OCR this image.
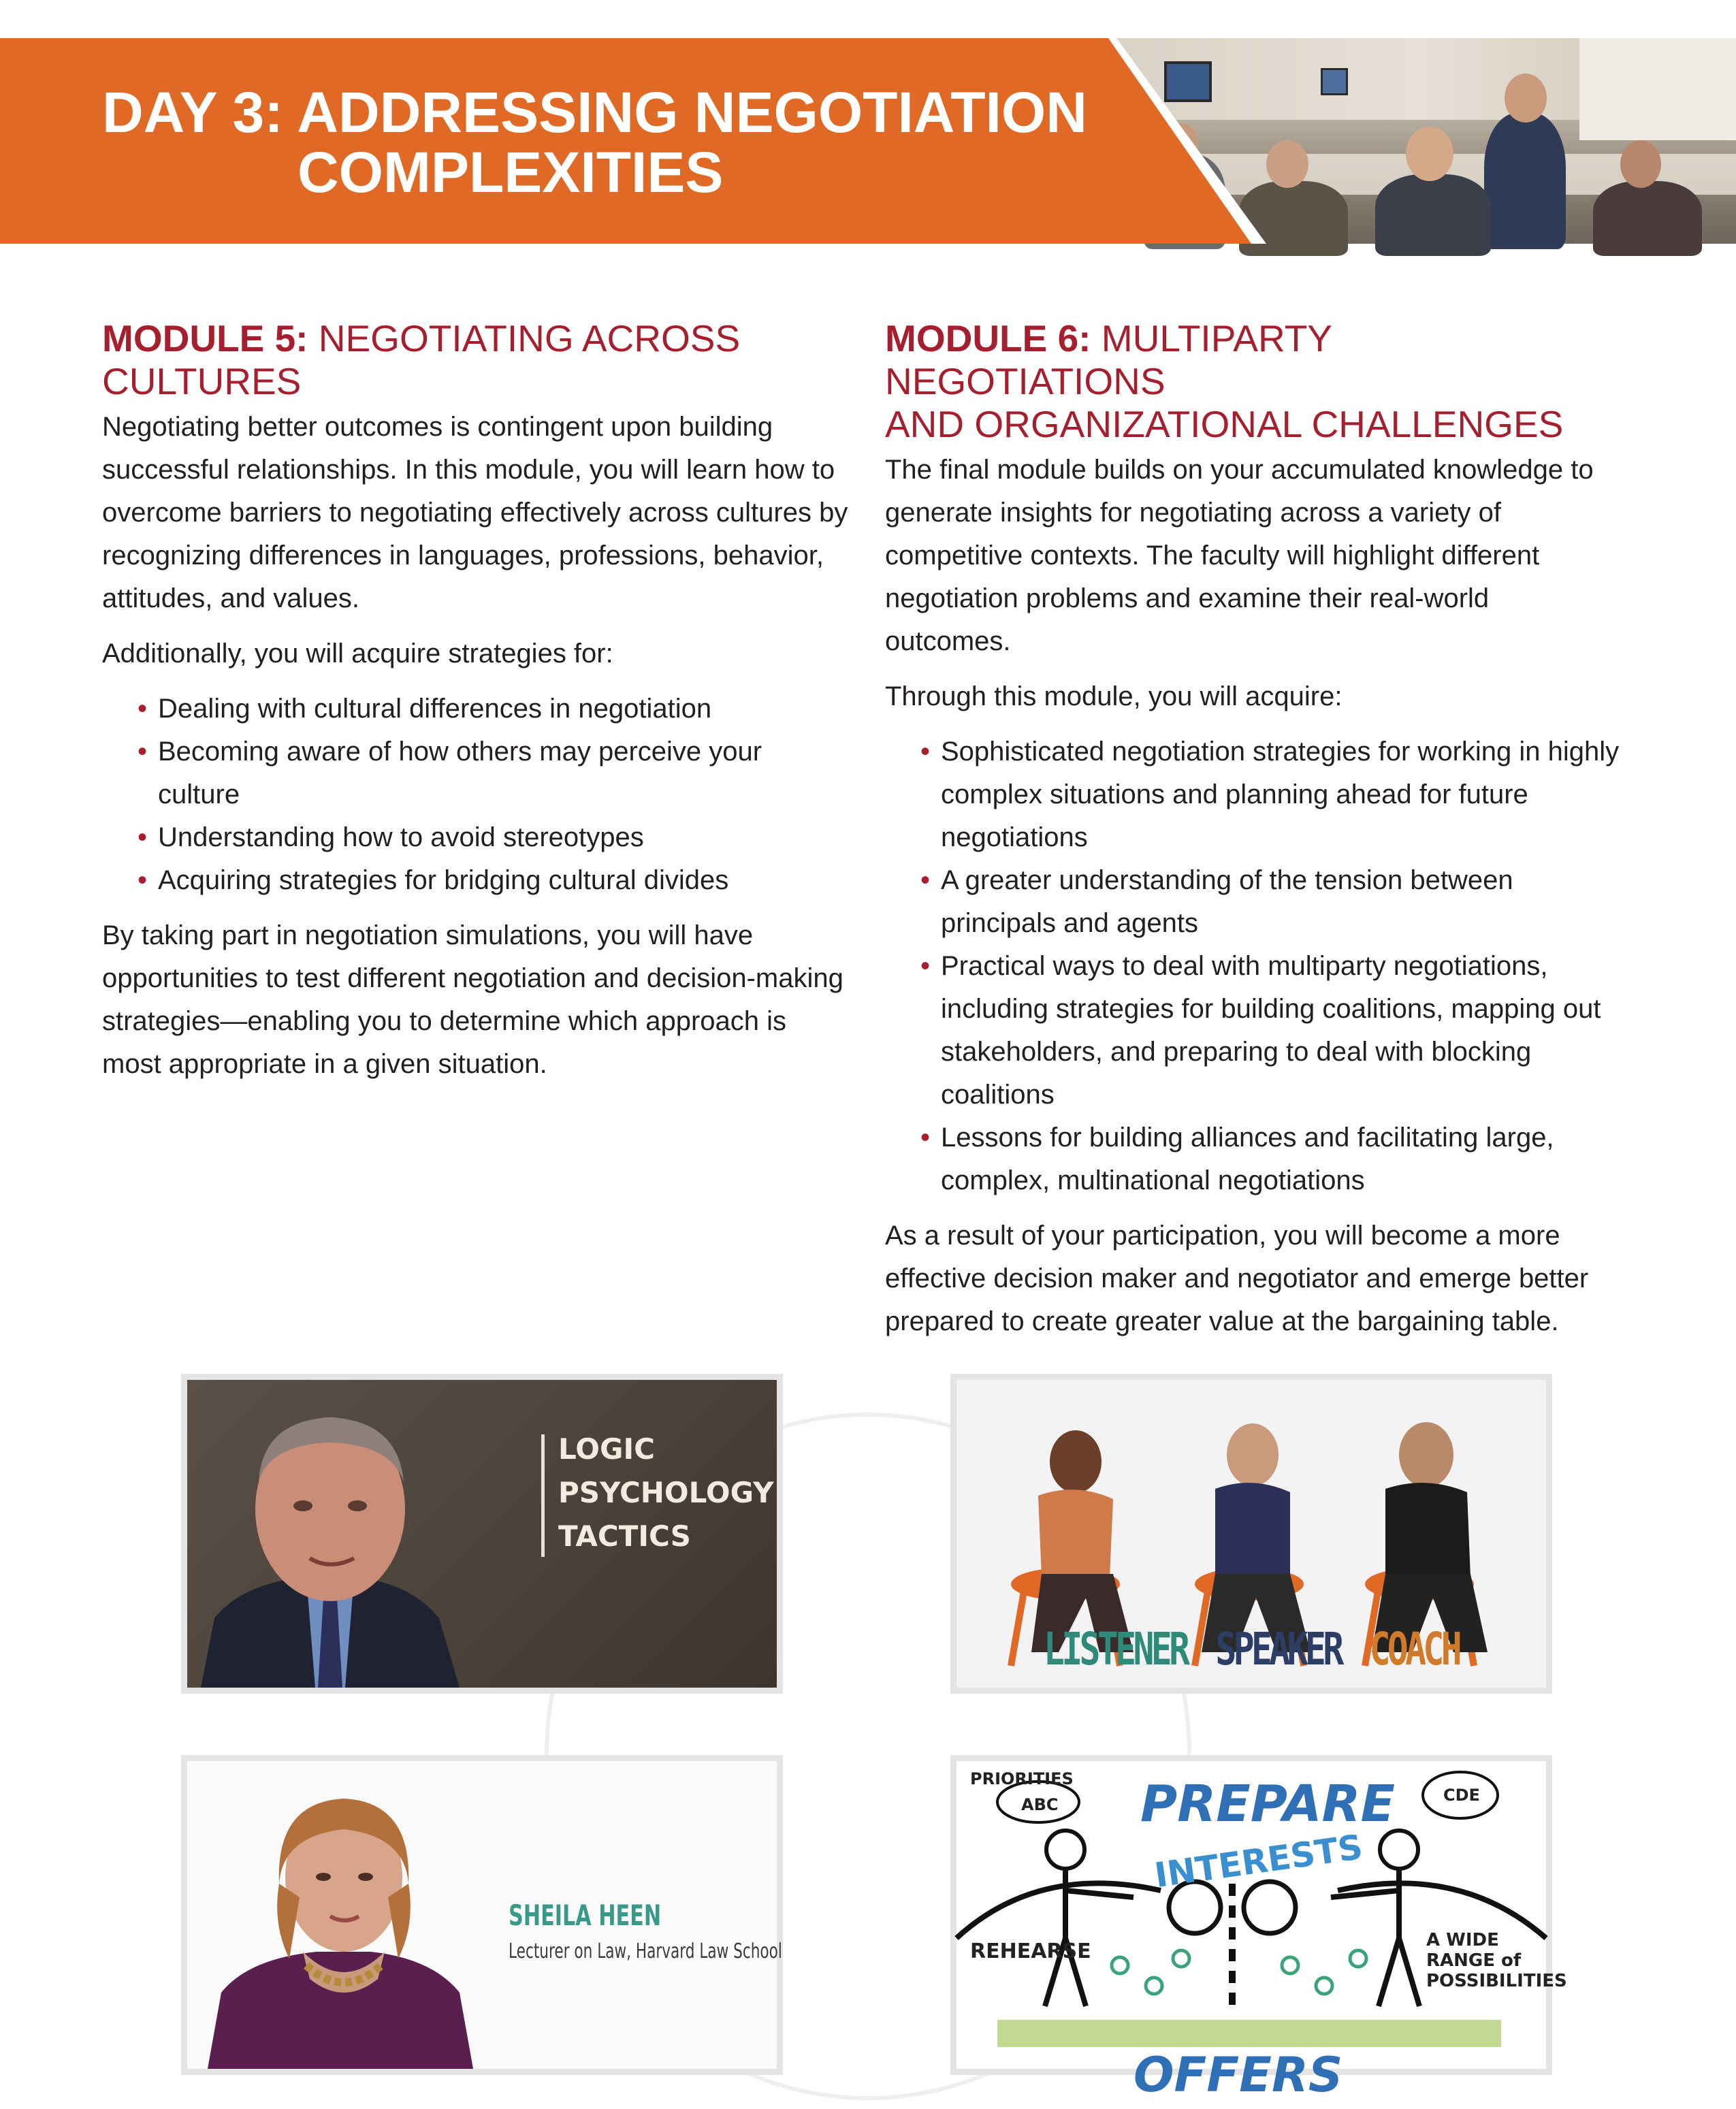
DAY 3: ADDRESSING NEGOTIATION
COMPLEXITIES
MODULE 5: NEGOTIATING ACROSS
CULTURES

Negotiating better outcomes is contingent upon building successful relationships. In this module, you will learn how to overcome barriers to negotiating effectively across cultures by recognizing differences in languages, professions, behavior, attitudes, and values.

Additionally, you will acquire strategies for:

• Dealing with cultural differences in negotiation
• Becoming aware of how others may perceive your culture
• Understanding how to avoid stereotypes
• Acquiring strategies for bridging cultural divides

By taking part in negotiation simulations, you will have opportunities to test different negotiation and decision-making strategies—enabling you to determine which approach is most appropriate in a given situation.

MODULE 6: MULTIPARTY NEGOTIATIONS
AND ORGANIZATIONAL CHALLENGES

The final module builds on your accumulated knowledge to generate insights for negotiating across a variety of competitive contexts. The faculty will highlight different negotiation problems and examine their real-world outcomes.

Through this module, you will acquire:

• Sophisticated negotiation strategies for working in highly complex situations and planning ahead for future negotiations
• A greater understanding of the tension between principals and agents
• Practical ways to deal with multiparty negotiations, including strategies for building coalitions, mapping out stakeholders, and preparing to deal with blocking coalitions
• Lessons for building alliances and facilitating large, complex, multinational negotiations

As a result of your participation, you will become a more effective decision maker and negotiator and emerge better prepared to create greater value at the bargaining table.

LOGIC
PSYCHOLOGY
TACTICS
LISTENER SPEAKER COACH
SHEILA HEEN
Lecturer on Law, Harvard Law School
PREPARE
INTERESTS
PRIORITIES
ABC	CDE
REHEARSE	A WIDE RANGE of POSSIBILITIES
OFFERS
